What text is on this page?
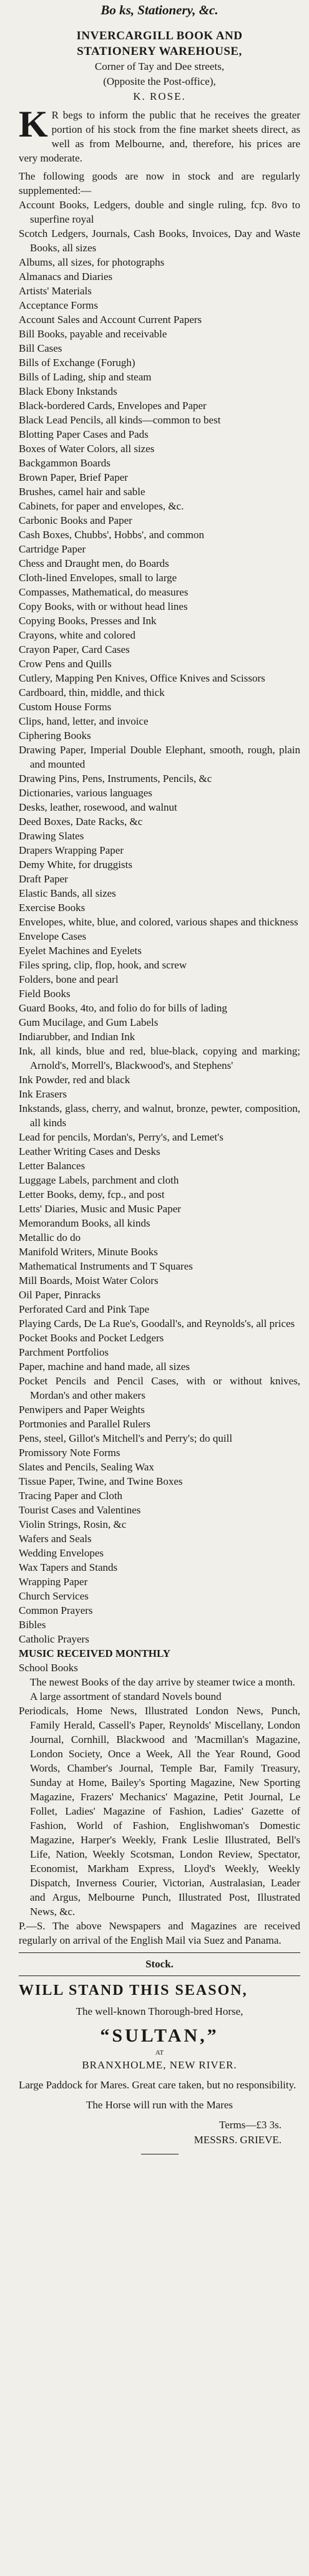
Bo ks, Stationery, &c.
INVERCARGILL BOOK AND
STATIONERY WAREHOUSE,
Corner of Tay and Dee streets,
(Opposite the Post-office),
K. ROSE.
K R begs to inform the public that he receives the greater portion of his stock from the fine market sheets direct, as well as from Melbourne, and, therefore, his prices are very moderate.
The following goods are now in stock and are regularly supplemented:—
Account Books, Ledgers, double and single ruling, fcp. 8vo to superfine royal
Scotch Ledgers, Journals, Cash Books, Invoices, Day and Waste Books, all sizes
Albums, all sizes, for photographs
Almanacs and Diaries
Artists' Materials
Acceptance Forms
Account Sales and Account Current Papers
Bill Books, payable and receivable
Bill Cases
Bills of Exchange (Forugh)
Bills of Lading, ship and steam
Black Ebony Inkstands
Black-bordered Cards, Envelopes and Paper
Black Lead Pencils, all kinds—common to best
Blotting Paper Cases and Pads
Boxes of Water Colors, all sizes
Backgammon Boards
Brown Paper, Brief Paper
Brushes, camel hair and sable
Cabinets, for paper and envelopes, &c.
Carbonic Books and Paper
Cash Boxes, Chubbs', Hobbs', and common
Cartridge Paper
Chess and Draught men, do Boards
Cloth-lined Envelopes, small to large
Compasses, Mathematical, do measures
Copy Books, with or without head lines
Copying Books, Presses and Ink
Crayons, white and colored
Crayon Paper, Card Cases
Crow Pens and Quills
Cutlery, Mapping Pen Knives, Office Knives and Scissors
Cardboard, thin, middle, and thick
Custom House Forms
Clips, hand, letter, and invoice
Ciphering Books
Drawing Paper, Imperial Double Elephant, smooth, rough, plain and mounted
Drawing Pins, Pens, Instruments, Pencils, &c
Dictionaries, various languages
Desks, leather, rosewood, and walnut
Deed Boxes, Date Racks, &c
Drawing Slates
Drapers Wrapping Paper
Demy White, for druggists
Draft Paper
Elastic Bands, all sizes
Exercise Books
Envelopes, white, blue, and colored, various shapes and thickness
Envelope Cases
Eyelet Machines and Eyelets
Files spring, clip, flop, hook, and screw
Folders, bone and pearl
Field Books
Guard Books, 4to, and folio do for bills of lading
Gum Mucilage, and Gum Labels
Indiarubber, and Indian Ink
Ink, all kinds, blue and red, blue-black, copying and marking; Arnold's, Morrell's, Blackwood's, and Stephens'
Ink Powder, red and black
Ink Erasers
Inkstands, glass, cherry, and walnut, bronze, pewter, composition, all kinds
Lead for pencils, Mordan's, Perry's, and Lemet's
Leather Writing Cases and Desks
Letter Balances
Luggage Labels, parchment and cloth
Letter Books, demy, fcp., and post
Letts' Diaries, Music and Music Paper
Memorandum Books, all kinds
Metallic do do
Manifold Writers, Minute Books
Mathematical Instruments and T Squares
Mill Boards, Moist Water Colors
Oil Paper, Pinracks
Perforated Card and Pink Tape
Playing Cards, De La Rue's, Goodall's, and Reynolds's, all prices
Pocket Books and Pocket Ledgers
Parchment Portfolios
Paper, machine and hand made, all sizes
Pocket Pencils and Pencil Cases, with or without knives, Mordan's and other makers
Penwipers and Paper Weights
Portmonies and Parallel Rulers
Pens, steel, Gillot's Mitchell's and Perry's; do quill
Promissory Note Forms
Slates and Pencils, Sealing Wax
Tissue Paper, Twine, and Twine Boxes
Tracing Paper and Cloth
Tourist Cases and Valentines
Violin Strings, Rosin, &c
Wafers and Seals
Wedding Envelopes
Wax Tapers and Stands
Wrapping Paper
Church Services
Common Prayers
Bibles
Catholic Prayers
MUSIC RECEIVED MONTHLY
School Books
The newest Books of the day arrive by steamer twice a month.
A large assortment of standard Novels bound
Periodicals, Home News, Illustrated London News, Punch, Family Herald, Cassell's Paper, Reynolds' Miscellany, London Journal, Cornhill, Blackwood and 'Macmillan's Magazine, London Society, Once a Week, All the Year Round, Good Words, Chamber's Journal, Temple Bar, Family Treasury, Sunday at Home, Bailey's Sporting Magazine, New Sporting Magazine, Frazers' Mechanics' Magazine, Petit Journal, Le Follet, Ladies' Magazine of Fashion, Ladies' Gazette of Fashion, World of Fashion, Englishwoman's Domestic Magazine, Harper's Weekly, Frank Leslie Illustrated, Bell's Life, Nation, Weekly Scotsman, London Review, Spectator, Economist, Markham Express, Lloyd's Weekly, Weekly Dispatch, Inverness Courier, Victorian, Australasian, Leader and Argus, Melbourne Punch, Illustrated Post, Illustrated News, &c.
P.—S. The above Newspapers and Magazines are received regularly on arrival of the English Mail via Suez and Panama.
Stock.
WILL STAND THIS SEASON,
The well-known Thorough-bred Horse,
“SULTAN,”
AT
BRANXHOLME, NEW RIVER.
Large Paddock for Mares. Great care taken, but no responsibility.
The Horse will run with the Mares
Terms—£3 3s.
MESSRS. GRIEVE.
